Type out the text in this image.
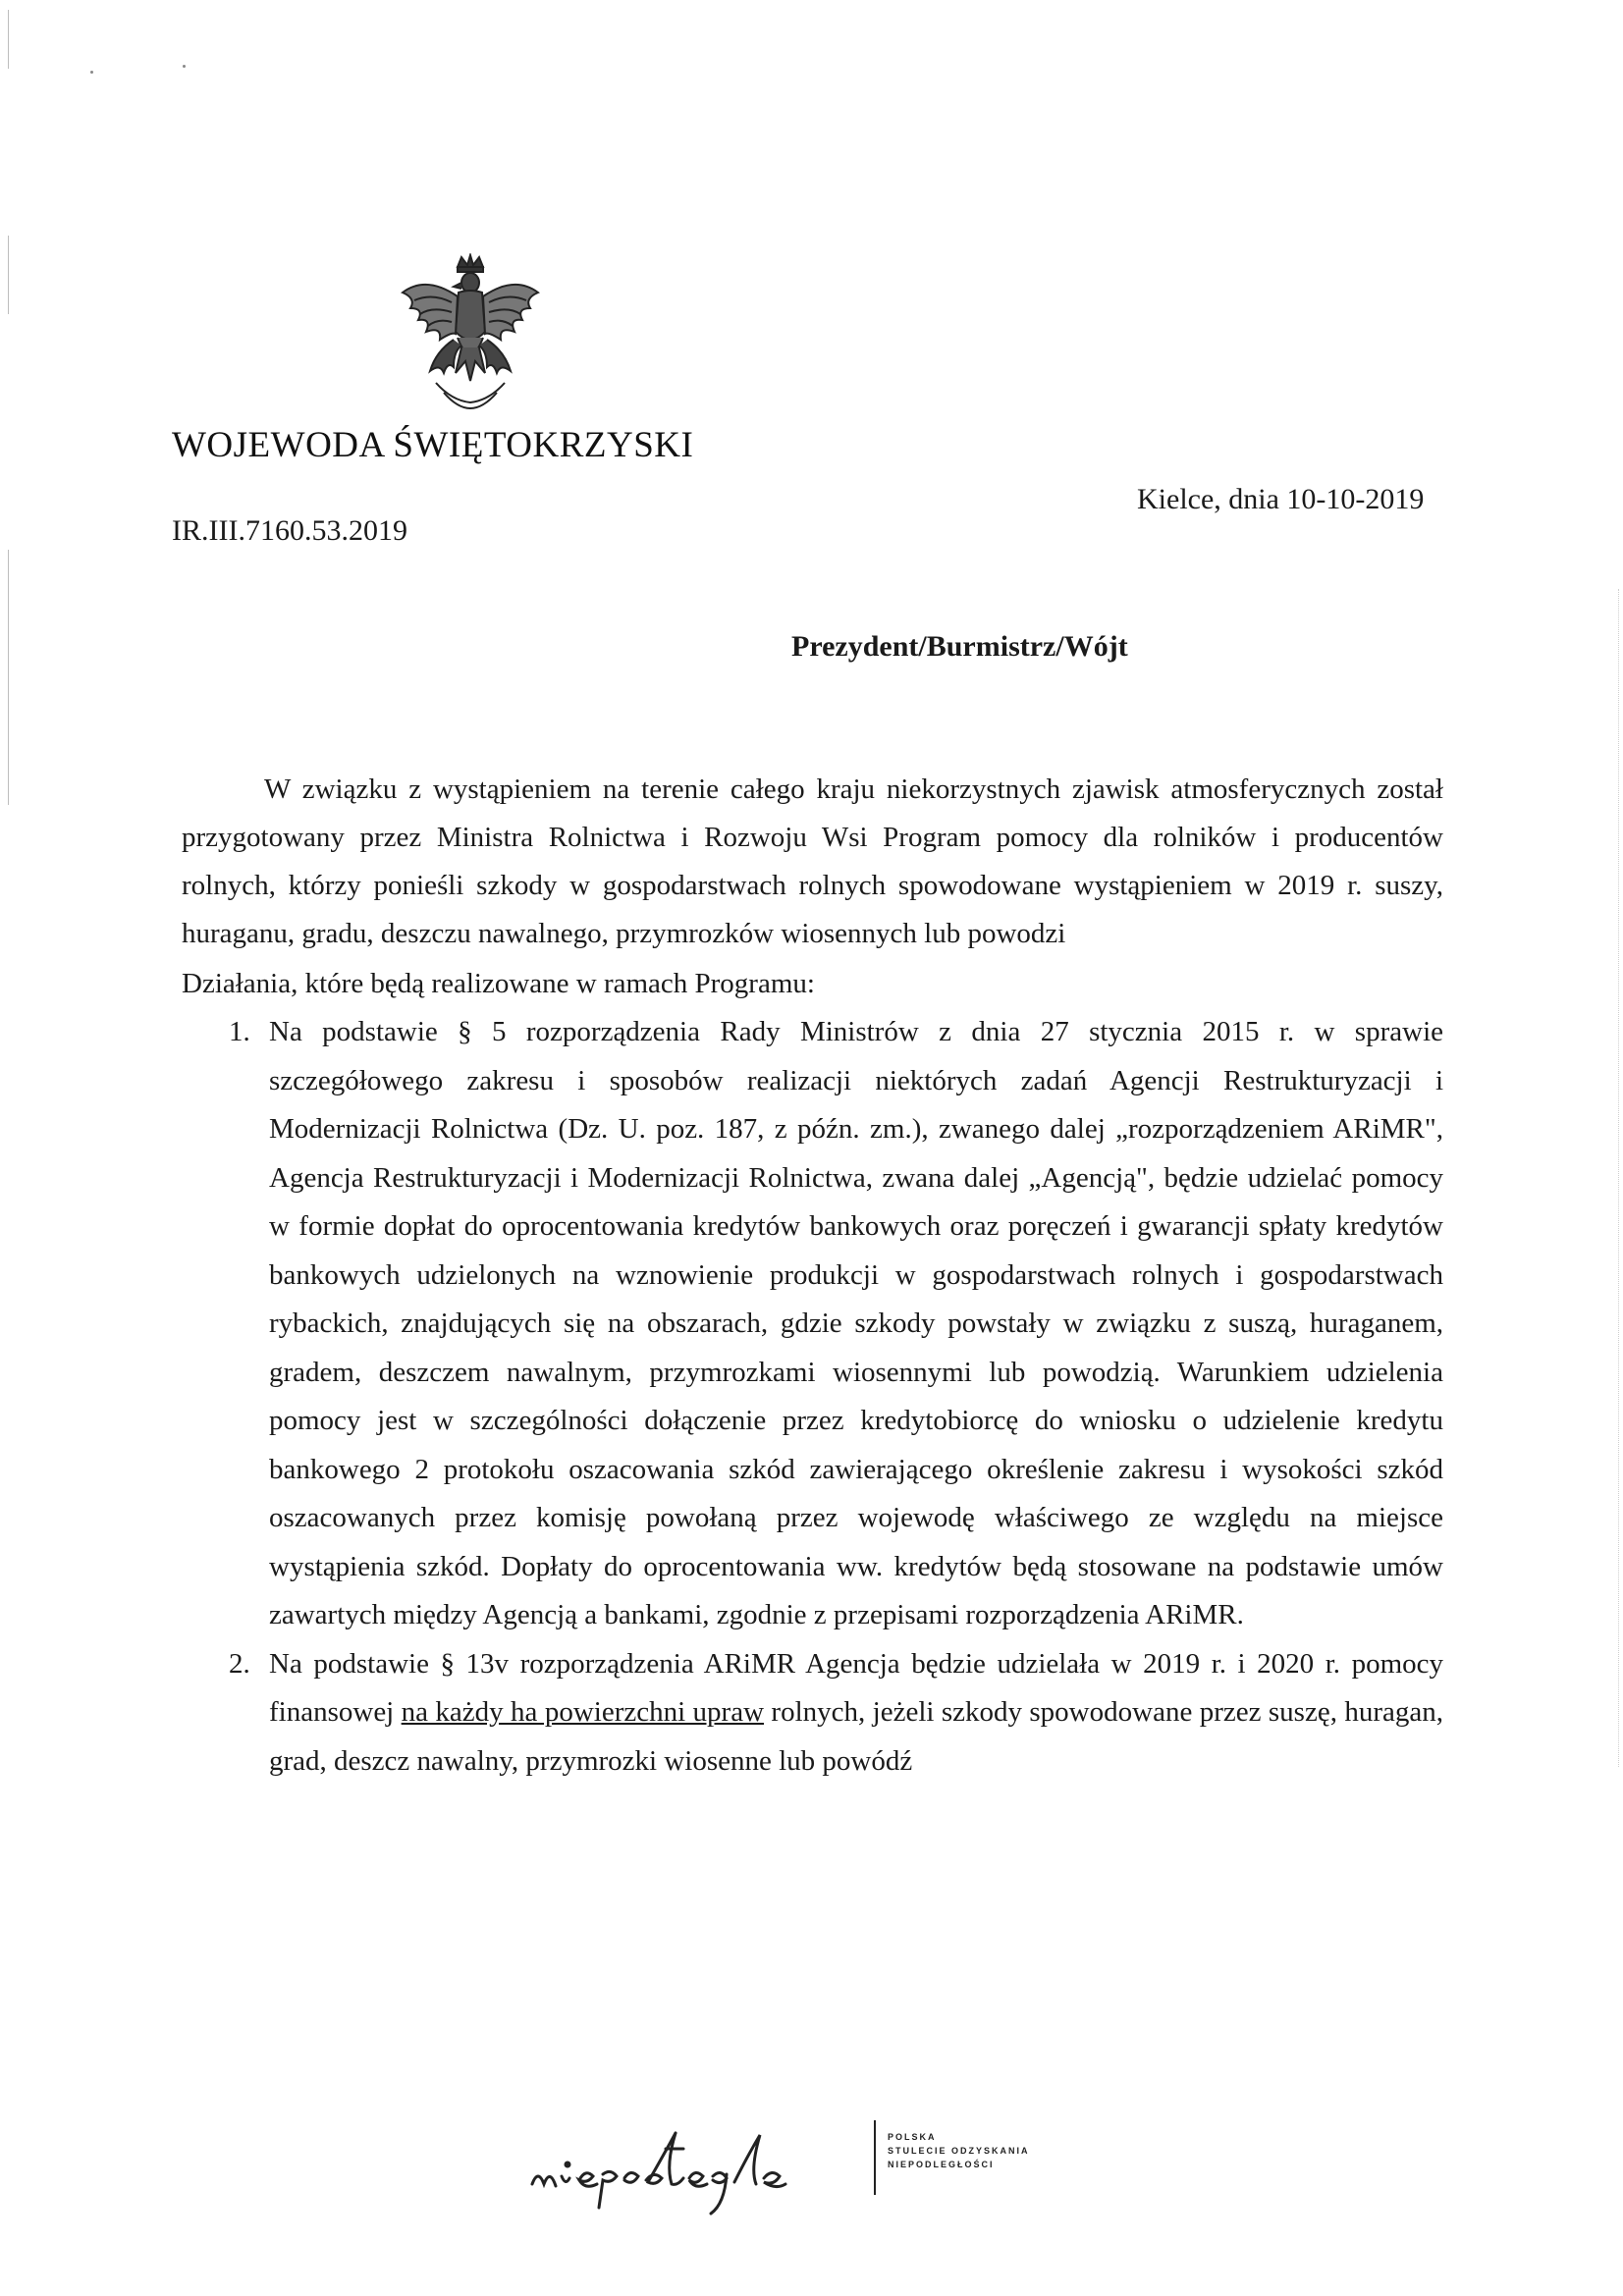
WOJEWODA ŚWIĘTOKRZYSKI
IR.III.7160.53.2019
Kielce, dnia 10-10-2019
Prezydent/Burmistrz/Wójt

W związku z wystąpieniem na terenie całego kraju niekorzystnych zjawisk atmosferycznych został przygotowany przez Ministra Rolnictwa i Rozwoju Wsi Program pomocy dla rolników i producentów rolnych, którzy ponieśli szkody w gospodarstwach rolnych spowodowane wystąpieniem w 2019 r. suszy, huraganu, gradu, deszczu nawalnego, przymrozków wiosennych lub powodzi

Działania, które będą realizowane w ramach Programu:

1. Na podstawie § 5 rozporządzenia Rady Ministrów z dnia 27 stycznia 2015 r. w sprawie szczegółowego zakresu i sposobów realizacji niektórych zadań Agencji Restrukturyzacji i Modernizacji Rolnictwa (Dz. U. poz. 187, z późn. zm.), zwanego dalej „rozporządzeniem ARiMR", Agencja Restrukturyzacji i Modernizacji Rolnictwa, zwana dalej „Agencją", będzie udzielać pomocy w formie dopłat do oprocentowania kredytów bankowych oraz poręczeń i gwarancji spłaty kredytów bankowych udzielonych na wznowienie produkcji w gospodarstwach rolnych i gospodarstwach rybackich, znajdujących się na obszarach, gdzie szkody powstały w związku z suszą, huraganem, gradem, deszczem nawalnym, przymrozkami wiosennymi lub powodzią. Warunkiem udzielenia pomocy jest w szczególności dołączenie przez kredytobiorcę do wniosku o udzielenie kredytu bankowego 2 protokołu oszacowania szkód zawierającego określenie zakresu i wysokości szkód oszacowanych przez komisję powołaną przez wojewodę właściwego ze względu na miejsce wystąpienia szkód. Dopłaty do oprocentowania ww. kredytów będą stosowane na podstawie umów zawartych między Agencją a bankami, zgodnie z przepisami rozporządzenia ARiMR.

2. Na podstawie § 13v rozporządzenia ARiMR Agencja będzie udzielała w 2019 r. i 2020 r. pomocy finansowej na każdy ha powierzchni upraw rolnych, jeżeli szkody spowodowane przez suszę, huragan, grad, deszcz nawalny, przymrozki wiosenne lub powódź

POLSKA
STULECIE ODZYSKANIA
NIEPODLEGŁOŚCI
